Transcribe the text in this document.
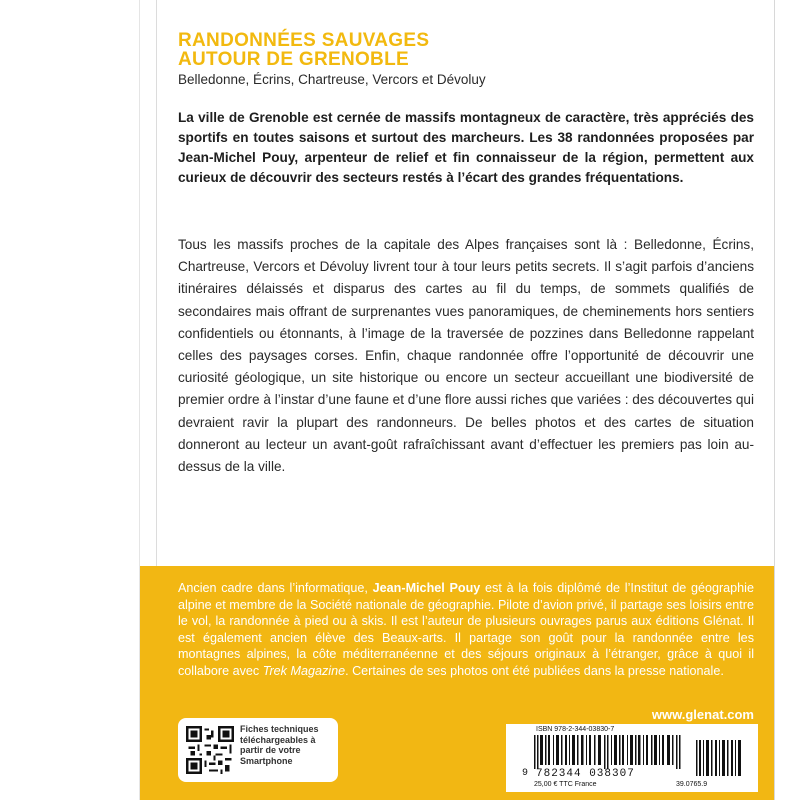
RANDONNÉES SAUVAGES
AUTOUR DE GRENOBLE
Belledonne, Écrins, Chartreuse, Vercors et Dévoluy
La ville de Grenoble est cernée de massifs montagneux de caractère, très appréciés des sportifs en toutes saisons et surtout des marcheurs. Les 38 randonnées proposées par Jean-Michel Pouy, arpenteur de relief et fin connaisseur de la région, permettent aux curieux de découvrir des secteurs restés à l’écart des grandes fréquentations.
Tous les massifs proches de la capitale des Alpes françaises sont là : Belledonne, Écrins, Chartreuse, Vercors et Dévoluy livrent tour à tour leurs petits secrets. Il s’agit parfois d’anciens itinéraires délaissés et disparus des cartes au fil du temps, de sommets qualifiés de secondaires mais offrant de surprenantes vues panoramiques, de cheminements hors sentiers confidentiels ou étonnants, à l’image de la traversée de pozzines dans Belledonne rappelant celles des paysages corses. Enfin, chaque randonnée offre l’opportunité de découvrir une curiosité géologique, un site historique ou encore un secteur accueillant une biodiversité de premier ordre à l’instar d’une faune et d’une flore aussi riches que variées : des découvertes qui devraient ravir la plupart des randonneurs. De belles photos et des cartes de situation donneront au lecteur un avant-goût rafraîchissant avant d’effectuer les premiers pas loin au-dessus de la ville.
Ancien cadre dans l’informatique, Jean-Michel Pouy est à la fois diplômé de l’Institut de géographie alpine et membre de la Société nationale de géographie. Pilote d’avion privé, il partage ses loisirs entre le vol, la randonnée à pied ou à skis. Il est l’auteur de plusieurs ouvrages parus aux éditions Glénat. Il est également ancien élève des Beaux-arts. Il partage son goût pour la randonnée entre les montagnes alpines, la côte méditerranéenne et des séjours originaux à l’étranger, grâce à quoi il collabore avec Trek Magazine. Certaines de ses photos ont été publiées dans la presse nationale.
www.glenat.com
Fiches techniques téléchargeables à partir de votre Smartphone
ISBN 978-2-344-03830-7
9 782344 038307
25,00 € TTC France	39.0765.9
